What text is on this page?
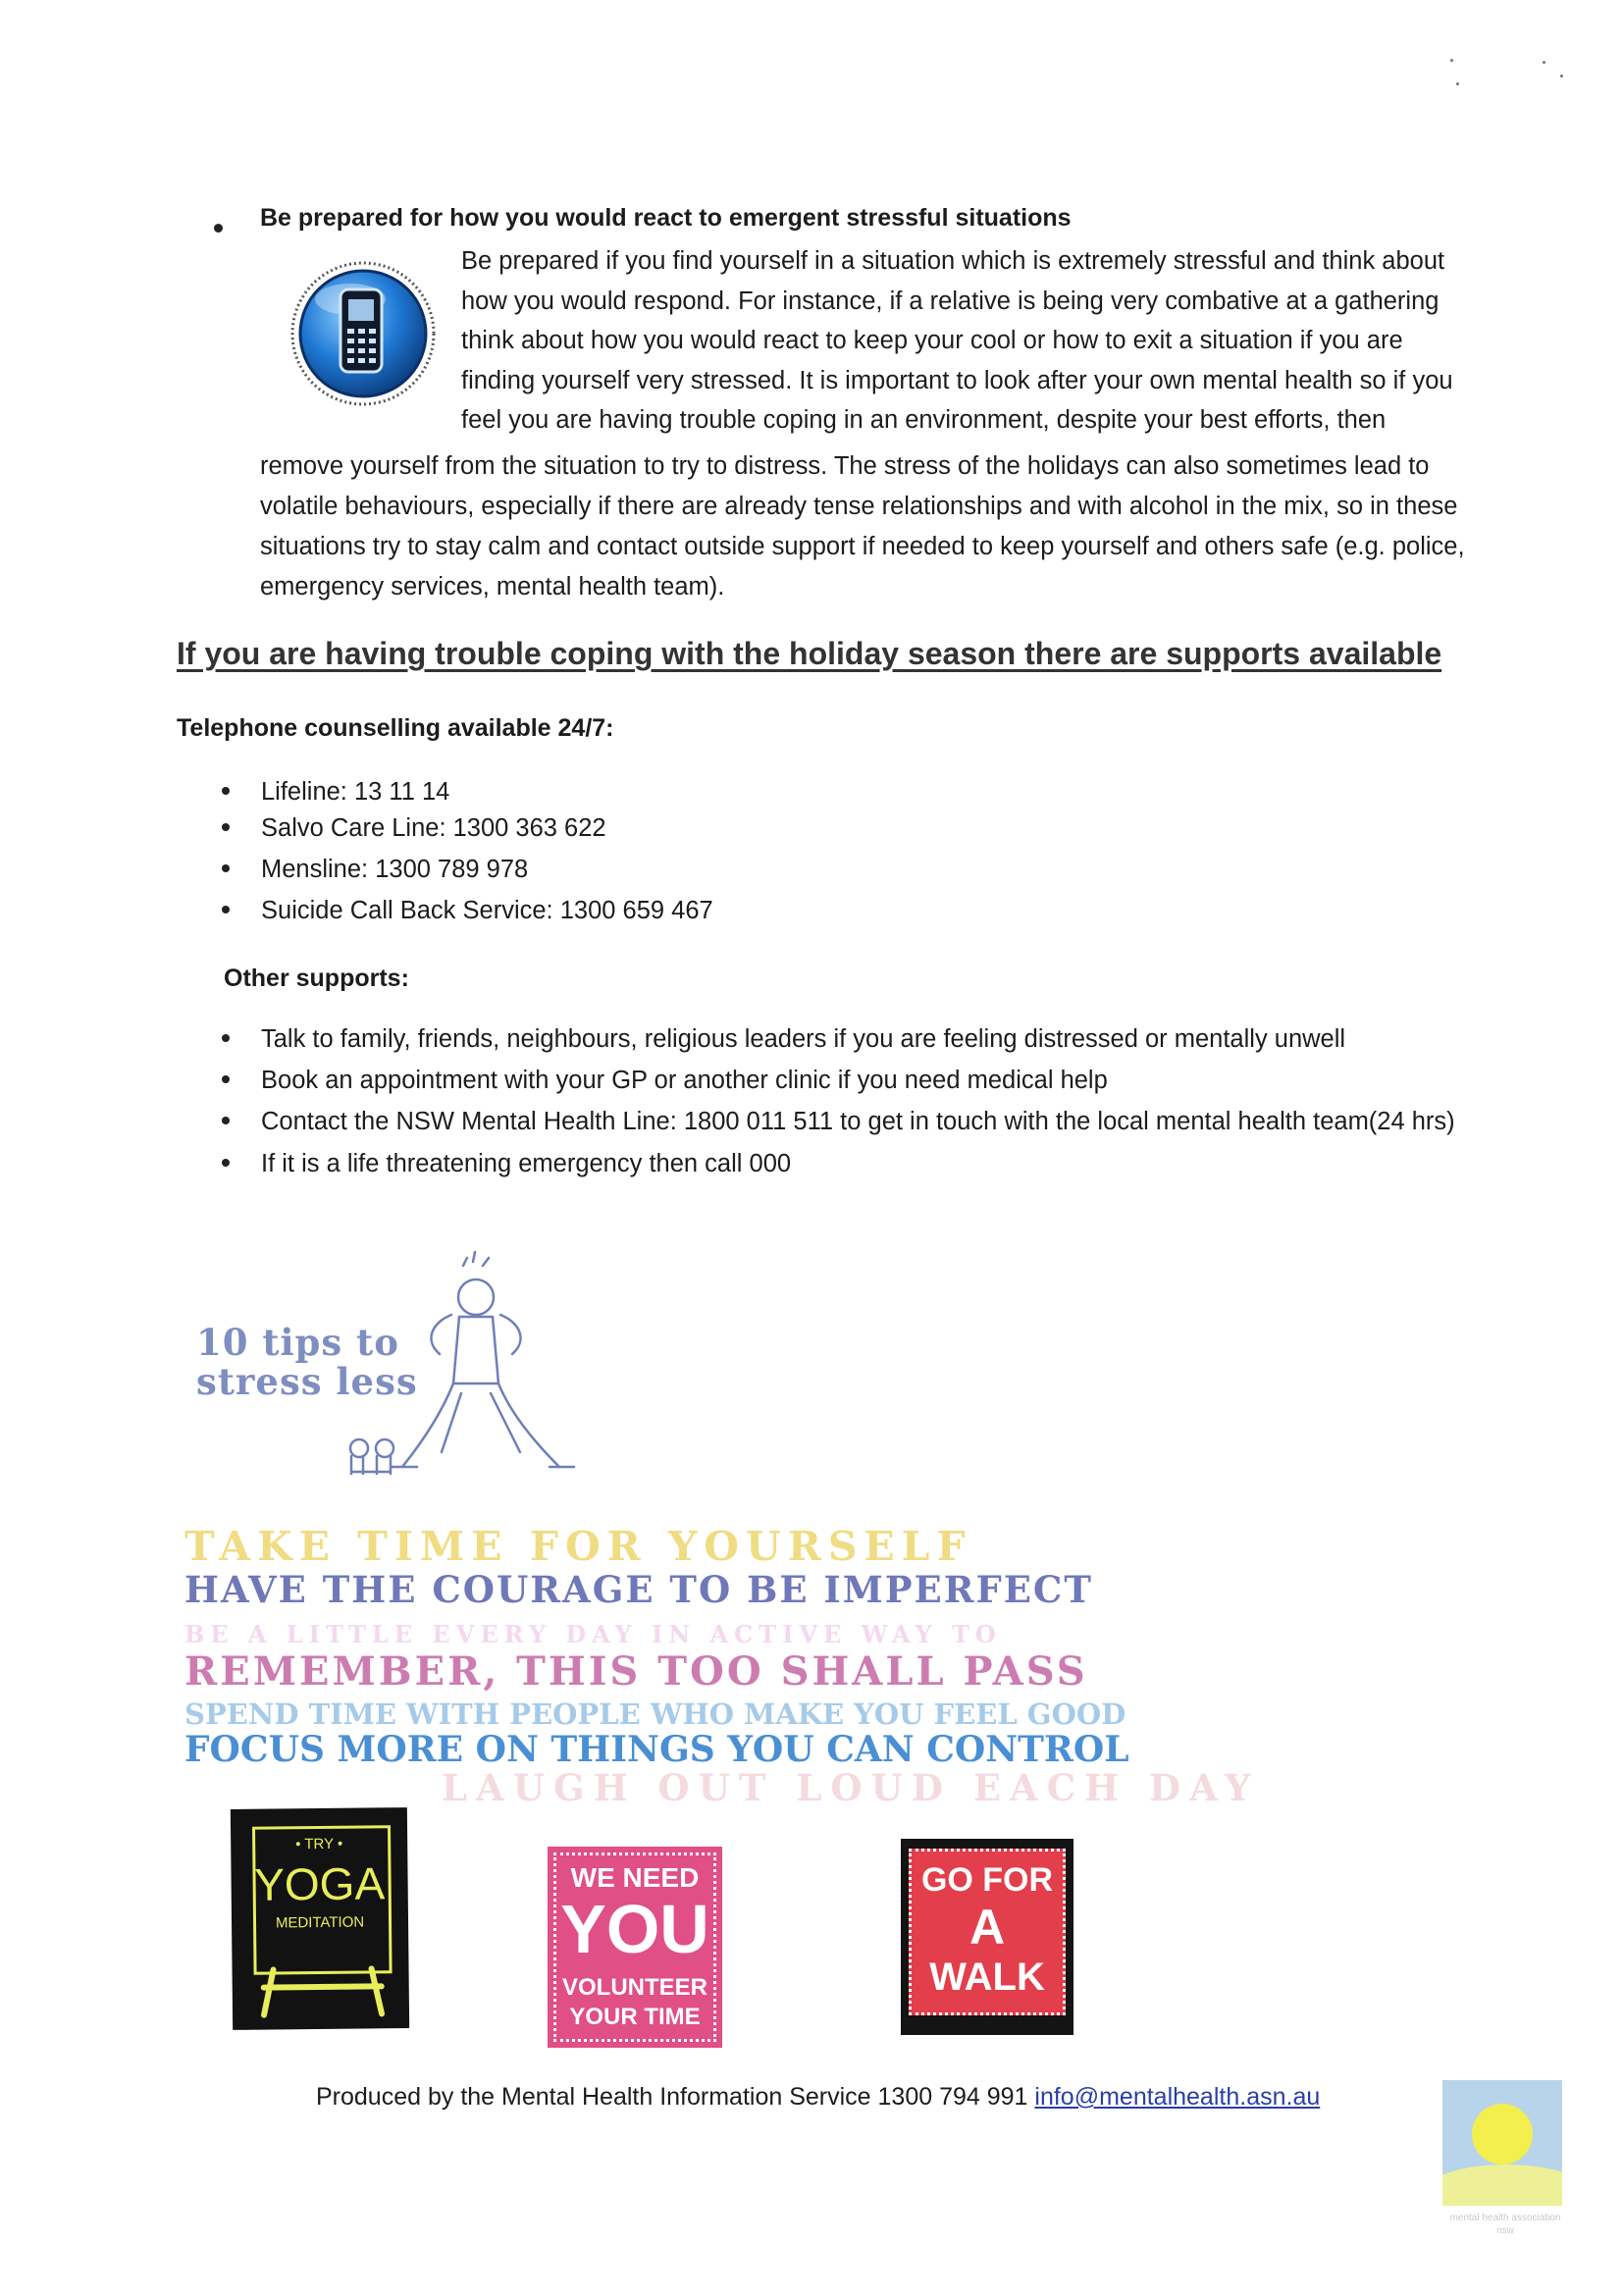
Be prepared for how you would react to emergent stressful situations
Be prepared if you find yourself in a situation which is extremely stressful and think about
how you would respond. For instance, if a relative is being very combative at a gathering
think about how you would react to keep your cool or how to exit a situation if you are
finding yourself very stressed. It is important to look after your own mental health so if you
feel you are having trouble coping in an environment, despite your best efforts, then
remove yourself from the situation to try to distress. The stress of the holidays can also sometimes lead to
volatile behaviours, especially if there are already tense relationships and with alcohol in the mix, so in these
situations try to stay calm and contact outside support if needed to keep yourself and others safe (e.g. police,
emergency services, mental health team).
If you are having trouble coping with the holiday season there are supports available
Telephone counselling available 24/7:
Lifeline: 13 11 14
Salvo Care Line: 1300 363 622
Mensline: 1300 789 978
Suicide Call Back Service: 1300 659 467
Other supports:
Talk to family, friends, neighbours, religious leaders if you are feeling distressed or mentally unwell
Book an appointment with your GP or another clinic if you need medical help
Contact the NSW Mental Health Line: 1800 011 511 to get in touch with the local mental health team(24 hrs)
If it is a life threatening emergency then call 000
10 tips to
stress less
TAKE TIME FOR YOURSELF
HAVE THE COURAGE TO BE IMPERFECT
BE A LITTLE EVERY DAY IN ACTIVE WAY TO
REMEMBER, THIS TOO SHALL PASS
SPEND TIME WITH PEOPLE WHO MAKE YOU FEEL GOOD
FOCUS MORE ON THINGS YOU CAN CONTROL
LAUGH OUT LOUD EACH DAY
• TRY •
YOGA
MEDITATION
WE NEED
YOU
VOLUNTEER
YOUR TIME
GO FOR
A
WALK
Produced by the Mental Health Information Service 1300 794 991 info@mentalhealth.asn.au
mental health association nsw
